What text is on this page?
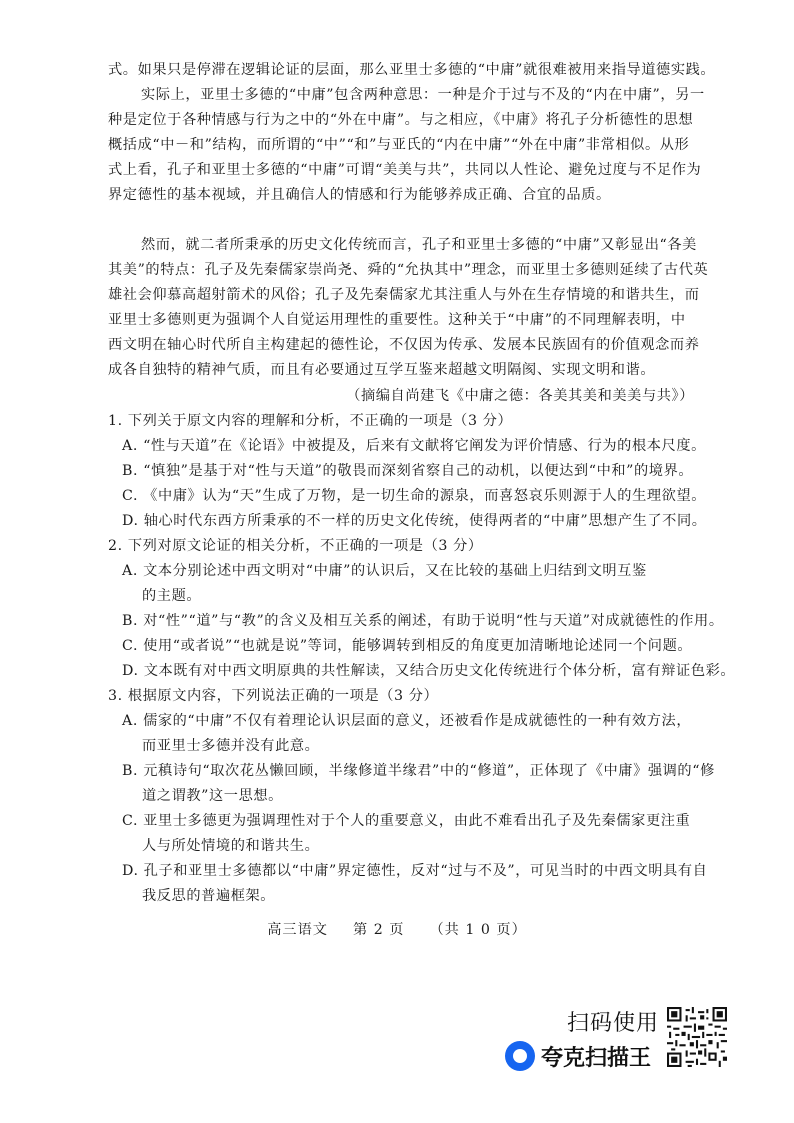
式。如果只是停滞在逻辑论证的层面，那么亚里士多德的“中庸”就很难被用来指导道德实践。
实际上，亚里士多德的“中庸”包含两种意思：一种是介于过与不及的“内在中庸”，另一
种是定位于各种情感与行为之中的“外在中庸”。与之相应，《中庸》将孔子分析德性的思想
概括成“中－和”结构，而所谓的“中”“和”与亚氏的“内在中庸”“外在中庸”非常相似。从形
式上看，孔子和亚里士多德的“中庸”可谓“美美与共”，共同以人性论、避免过度与不足作为
界定德性的基本视域，并且确信人的情感和行为能够养成正确、合宜的品质。
然而，就二者所秉承的历史文化传统而言，孔子和亚里士多德的“中庸”又彰显出“各美
其美”的特点：孔子及先秦儒家崇尚尧、舜的“允执其中”理念，而亚里士多德则延续了古代英
雄社会仰慕高超射箭术的风俗；孔子及先秦儒家尤其注重人与外在生存情境的和谐共生，而
亚里士多德则更为强调个人自觉运用理性的重要性。这种关于“中庸”的不同理解表明，中
西文明在轴心时代所自主构建起的德性论，不仅因为传承、发展本民族固有的价值观念而养
成各自独特的精神气质，而且有必要通过互学互鉴来超越文明隔阂、实现文明和谐。
（摘编自尚建飞《中庸之德：各美其美和美美与共》）
1. 下列关于原文内容的理解和分析，不正确的一项是（3 分）
A. “性与天道”在《论语》中被提及，后来有文献将它阐发为评价情感、行为的根本尺度。
B. “慎独”是基于对“性与天道”的敬畏而深刻省察自己的动机，以便达到“中和”的境界。
C. 《中庸》认为“天”生成了万物，是一切生命的源泉，而喜怒哀乐则源于人的生理欲望。
D. 轴心时代东西方所秉承的不一样的历史文化传统，使得两者的“中庸”思想产生了不同。
2. 下列对原文论证的相关分析，不正确的一项是（3 分）
A. 文本分别论述中西文明对“中庸”的认识后，又在比较的基础上归结到文明互鉴
的主题。
B. 对“性”“道”与“教”的含义及相互关系的阐述，有助于说明“性与天道”对成就德性的作用。
C. 使用“或者说”“也就是说”等词，能够调转到相反的角度更加清晰地论述同一个问题。
D. 文本既有对中西文明原典的共性解读，又结合历史文化传统进行个体分析，富有辩证色彩。
3. 根据原文内容，下列说法正确的一项是（3 分）
A. 儒家的“中庸”不仅有着理论认识层面的意义，还被看作是成就德性的一种有效方法，
而亚里士多德并没有此意。
B. 元稹诗句“取次花丛懒回顾，半缘修道半缘君”中的“修道”，正体现了《中庸》强调的“修
道之谓教”这一思想。
C. 亚里士多德更为强调理性对于个人的重要意义，由此不难看出孔子及先秦儒家更注重
人与所处情境的和谐共生。
D. 孔子和亚里士多德都以“中庸”界定德性，反对“过与不及”，可见当时的中西文明具有自
我反思的普遍框架。
高三语文 第 2 页 （共 1 0 页）
扫码使用
夸克扫描王
